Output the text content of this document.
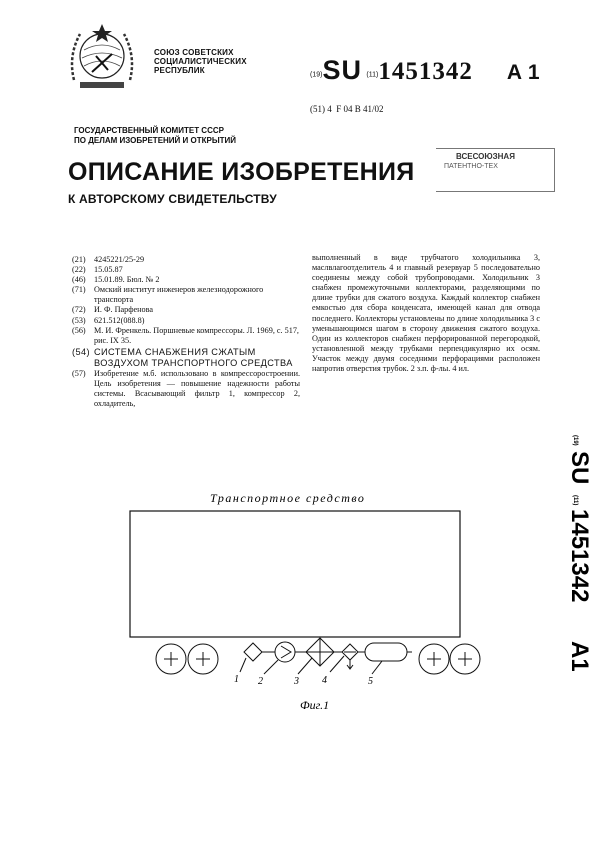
СОЮЗ СОВЕТСКИХ
СОЦИАЛИСТИЧЕСКИХ
РЕСПУБЛИК	(19)SU (11)1451342 А 1
(51) 4 F 04 B 41/02
ГОСУДАРСТВЕННЫЙ КОМИТЕТ СССР
ПО ДЕЛАМ ИЗОБРЕТЕНИЙ И ОТКРЫТИЙ
ВСЕСОЮЗНАЯ
ПАТЕНТНО-ТЕХ
ОПИСАНИЕ ИЗОБРЕТЕНИЯ
К АВТОРСКОМУ СВИДЕТЕЛЬСТВУ
(21)	4245221/25-29
(22)	15.05.87
(46)	15.01.89. Бюл. № 2
(71)	Омский институт инженеров железнодорожного транспорта
(72)	И. Ф. Парфенова
(53)	621.512(088.8)
(56)	М. И. Френкель. Поршневые компрессоры. Л. 1969, с. 517, рис. IX 35.
(54) СИСТЕМА СНАБЖЕНИЯ СЖАТЫМ ВОЗДУХОМ ТРАНСПОРТНОГО СРЕДСТВА
(57)	Изобретение м.б. использовано в компрессоростроении. Цель изобретения — повышение надежности работы системы. Всасывающий фильтр 1, компрессор 2, охладитель,
выполненный в виде трубчатого холодильника 3, маслвлагоотделитель 4 и главный резервуар 5 последовательно соединены между собой трубопроводами. Холодильник 3 снабжен промежуточными коллекторами, разделяющими по длине трубки для сжатого воздуха. Каждый коллектор снабжен емкостью для сбора конденсата, имеющей канал для отвода последнего. Коллекторы установлены по длине холодильника 3 с уменьшающимся шагом в сторону движения сжатого воздуха. Один из коллекторов снабжен перфорированной перегородкой, установленной между трубками перпендикулярно их осям. Участок между двумя соседними перфорациями расположен напротив отверстия трубок. 2 з.п. ф-лы. 4 ил.
(19)
SU
(11)
1451342
A1
Транспортное средство
1 2	3 4	5
Фиг.1
